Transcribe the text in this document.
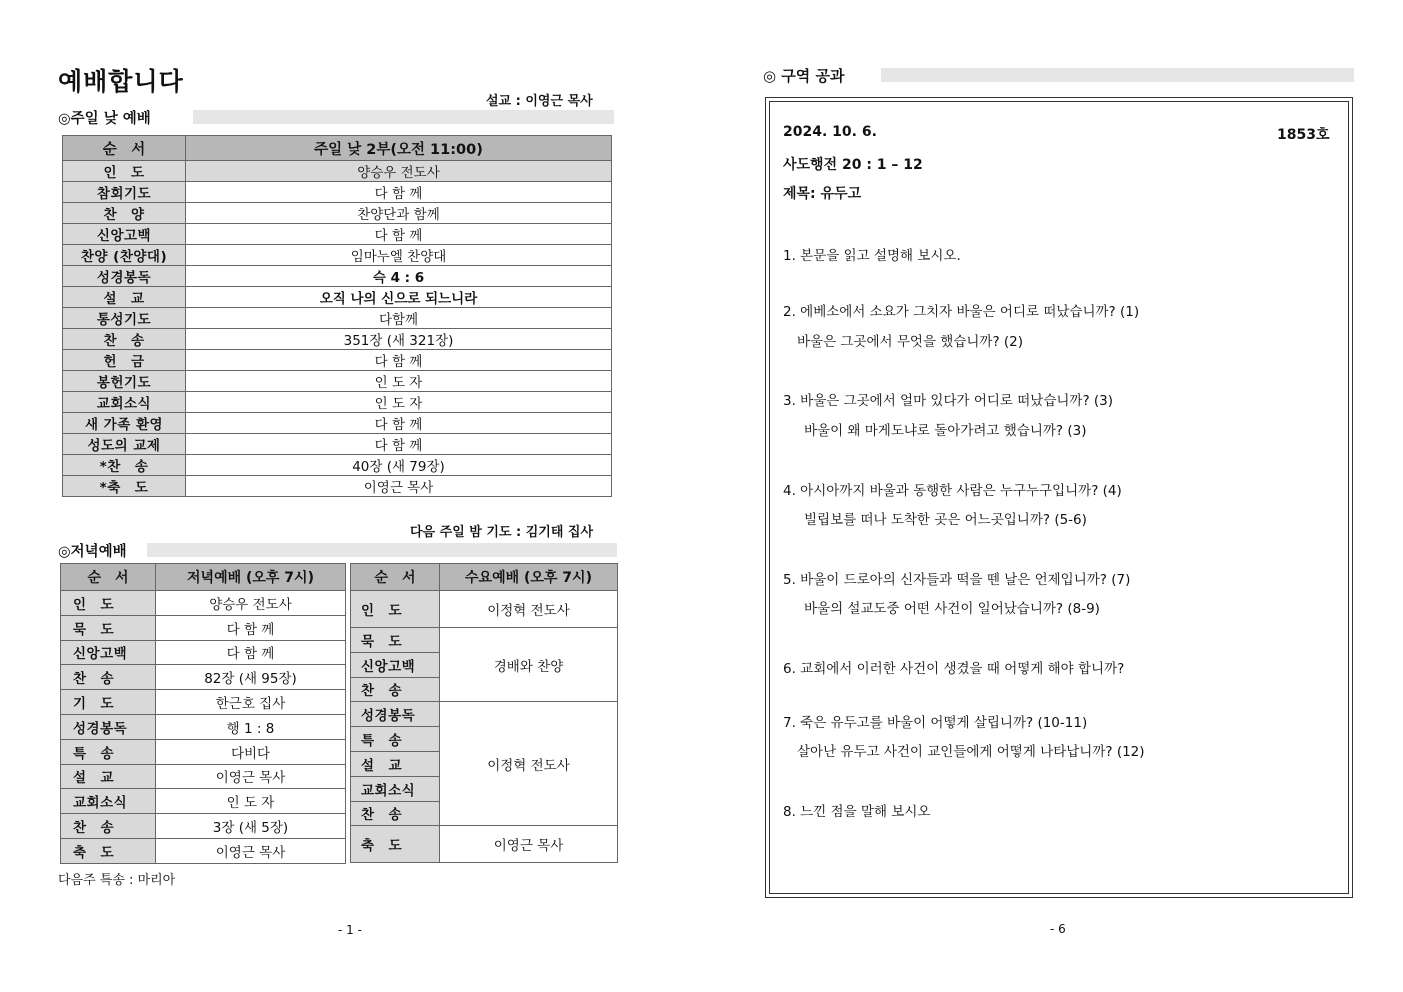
예배합니다
설교 : 이영근 목사
◎주일 낮 예배
순　서	주일 낮 2부(오전 11:00)
인　도	양승우 전도사
참회기도	다 함 께
찬　양	찬양단과 함께
신앙고백	다 함 께
찬양 (찬양대)	임마누엘 찬양대
성경봉독	슥 4 : 6
설　교	오직 나의 신으로 되느니라
통성기도	다함께
찬　송	351장 (새 321장)
헌　금	다 함 께
봉헌기도	인 도 자
교회소식	인 도 자
새 가족 환영	다 함 께
성도의 교제	다 함 께
*찬　송	40장 (새 79장)
*축　도	이영근 목사
다음 주일 밤 기도 : 김기태 집사
◎저녁예배
순　서	저녁예배 (오후 7시)
인　도	양승우 전도사
묵　도	다 함 께
신앙고백	다 함 께
찬　송	82장 (새 95장)
기　도	한근호 집사
성경봉독	행 1 : 8
특　송	다비다
설　교	이영근 목사
교회소식	인 도 자
찬　송	3장 (새 5장)
축　도	이영근 목사
순　서	수요예배 (오후 7시)
인　도	이정혁 전도사
묵　도	경배와 찬양
신앙고백	
찬　송	
성경봉독	이정혁 전도사
특　송	
설　교	
교회소식	
찬　송	
축　도	이영근 목사
다음주 특송 : 마리아
- 1 -
◎ 구역 공과
2024. 10. 6.	1853호
사도행전 20 : 1 – 12
제목: 유두고
1. 본문을 읽고 설명해 보시오.
2. 에베소에서 소요가 그치자 바울은 어디로 떠났습니까? (1)
바울은 그곳에서 무엇을 했습니까? (2)
3. 바울은 그곳에서 얼마 있다가 어디로 떠났습니까? (3)
바울이 왜 마게도냐로 돌아가려고 했습니까? (3)
4. 아시아까지 바울과 동행한 사람은 누구누구입니까? (4)
빌립보를 떠나 도착한 곳은 어느곳입니까? (5-6)
5. 바울이 드로아의 신자들과 떡을 뗀 날은 언제입니까? (7)
바울의 설교도중 어떤 사건이 일어났습니까? (8-9)
6. 교회에서 이러한 사건이 생겼을 때 어떻게 해야 합니까?
7. 죽은 유두고를 바울이 어떻게 살립니까? (10-11)
살아난 유두고 사건이 교인들에게 어떻게 나타납니까? (12)
8. 느낀 점을 말해 보시오
- 6
